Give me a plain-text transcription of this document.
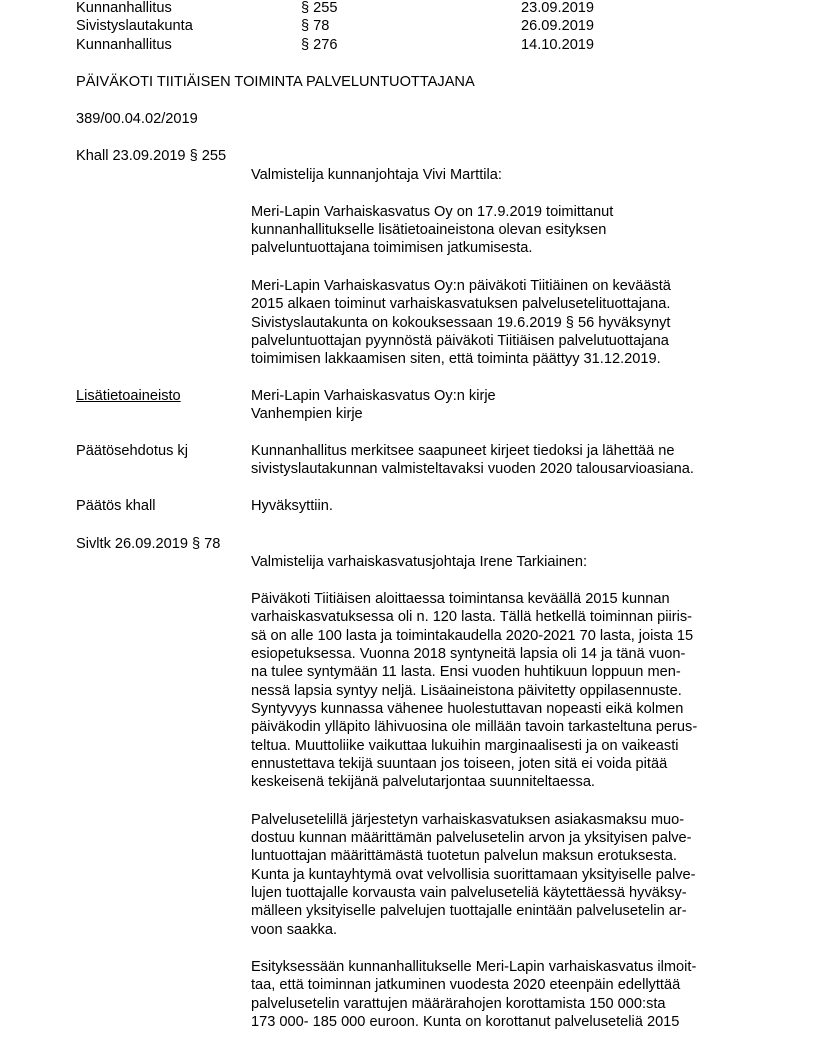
Kunnanhallitus	§ 255	23.09.2019
Sivistyslautakunta	§ 78	26.09.2019
Kunnanhallitus	§ 276	14.10.2019
PÄIVÄKOTI TIITIÄISEN TOIMINTA PALVELUNTUOTTAJANA
389/00.04.02/2019
Khall 23.09.2019 § 255
Valmistelija kunnanjohtaja Vivi Marttila:
Meri-Lapin Varhaiskasvatus Oy on 17.9.2019 toimittanut
kunnanhallitukselle lisätietoaineistona olevan esityksen
palveluntuottajana toimimisen jatkumisesta.
Meri-Lapin Varhaiskasvatus Oy:n päiväkoti Tiitiäinen on keväästä
2015 alkaen toiminut varhaiskasvatuksen palvelusetelituottajana.
Sivistyslautakunta on kokouksessaan 19.6.2019 § 56 hyväksynyt
palveluntuottajan pyynnöstä päiväkoti Tiitiäisen palvelutuottajana
toimimisen lakkaamisen siten, että toiminta päättyy 31.12.2019.
Lisätietoaineisto	Meri-Lapin Varhaiskasvatus Oy:n kirje
Vanhempien kirje
Päätösehdotus kj	Kunnanhallitus merkitsee saapuneet kirjeet tiedoksi ja lähettää ne
sivistyslautakunnan valmisteltavaksi vuoden 2020 talousarvioasiana.
Päätös khall	Hyväksyttiin.
Sivltk 26.09.2019 § 78
Valmistelija varhaiskasvatusjohtaja Irene Tarkiainen:
Päiväkoti Tiitiäisen aloittaessa toimintansa keväällä 2015 kunnan
varhaiskasvatuksessa oli n. 120 lasta. Tällä hetkellä toiminnan piiris-
sä on alle 100 lasta ja toimintakaudella 2020-2021 70 lasta, joista 15
esiopetuksessa. Vuonna 2018 syntyneitä lapsia oli 14 ja tänä vuon-
na tulee syntymään 11 lasta. Ensi vuoden huhtikuun loppuun men-
nessä lapsia syntyy neljä. Lisäaineistona päivitetty oppilasennuste.
Syntyvyys kunnassa vähenee huolestuttavan nopeasti eikä kolmen
päiväkodin ylläpito lähivuosina ole millään tavoin tarkasteltuna perus-
teltua. Muuttoliike vaikuttaa lukuihin marginaalisesti ja on vaikeasti
ennustettava tekijä suuntaan jos toiseen, joten sitä ei voida pitää
keskeisenä tekijänä palvelutarjontaa suunniteltaessa.
Palvelusetelillä järjestetyn varhaiskasvatuksen asiakasmaksu muo-
dostuu kunnan määrittämän palvelusetelin arvon ja yksityisen palve-
luntuottajan määrittämästä tuotetun palvelun maksun erotuksesta.
Kunta ja kuntayhtymä ovat velvollisia suorittamaan yksityiselle palve-
lujen tuottajalle korvausta vain palveluseteliä käytettäessä hyväksy-
mälleen yksityiselle palvelujen tuottajalle enintään palvelusetelin ar-
voon saakka.
Esityksessään kunnanhallitukselle Meri-Lapin varhaiskasvatus ilmoit-
taa, että toiminnan jatkuminen vuodesta 2020 eteenpäin edellyttää
palvelusetelin varattujen määrärahojen korottamista 150 000:sta
173 000- 185 000 euroon. Kunta on korottanut palveluseteliä 2015
